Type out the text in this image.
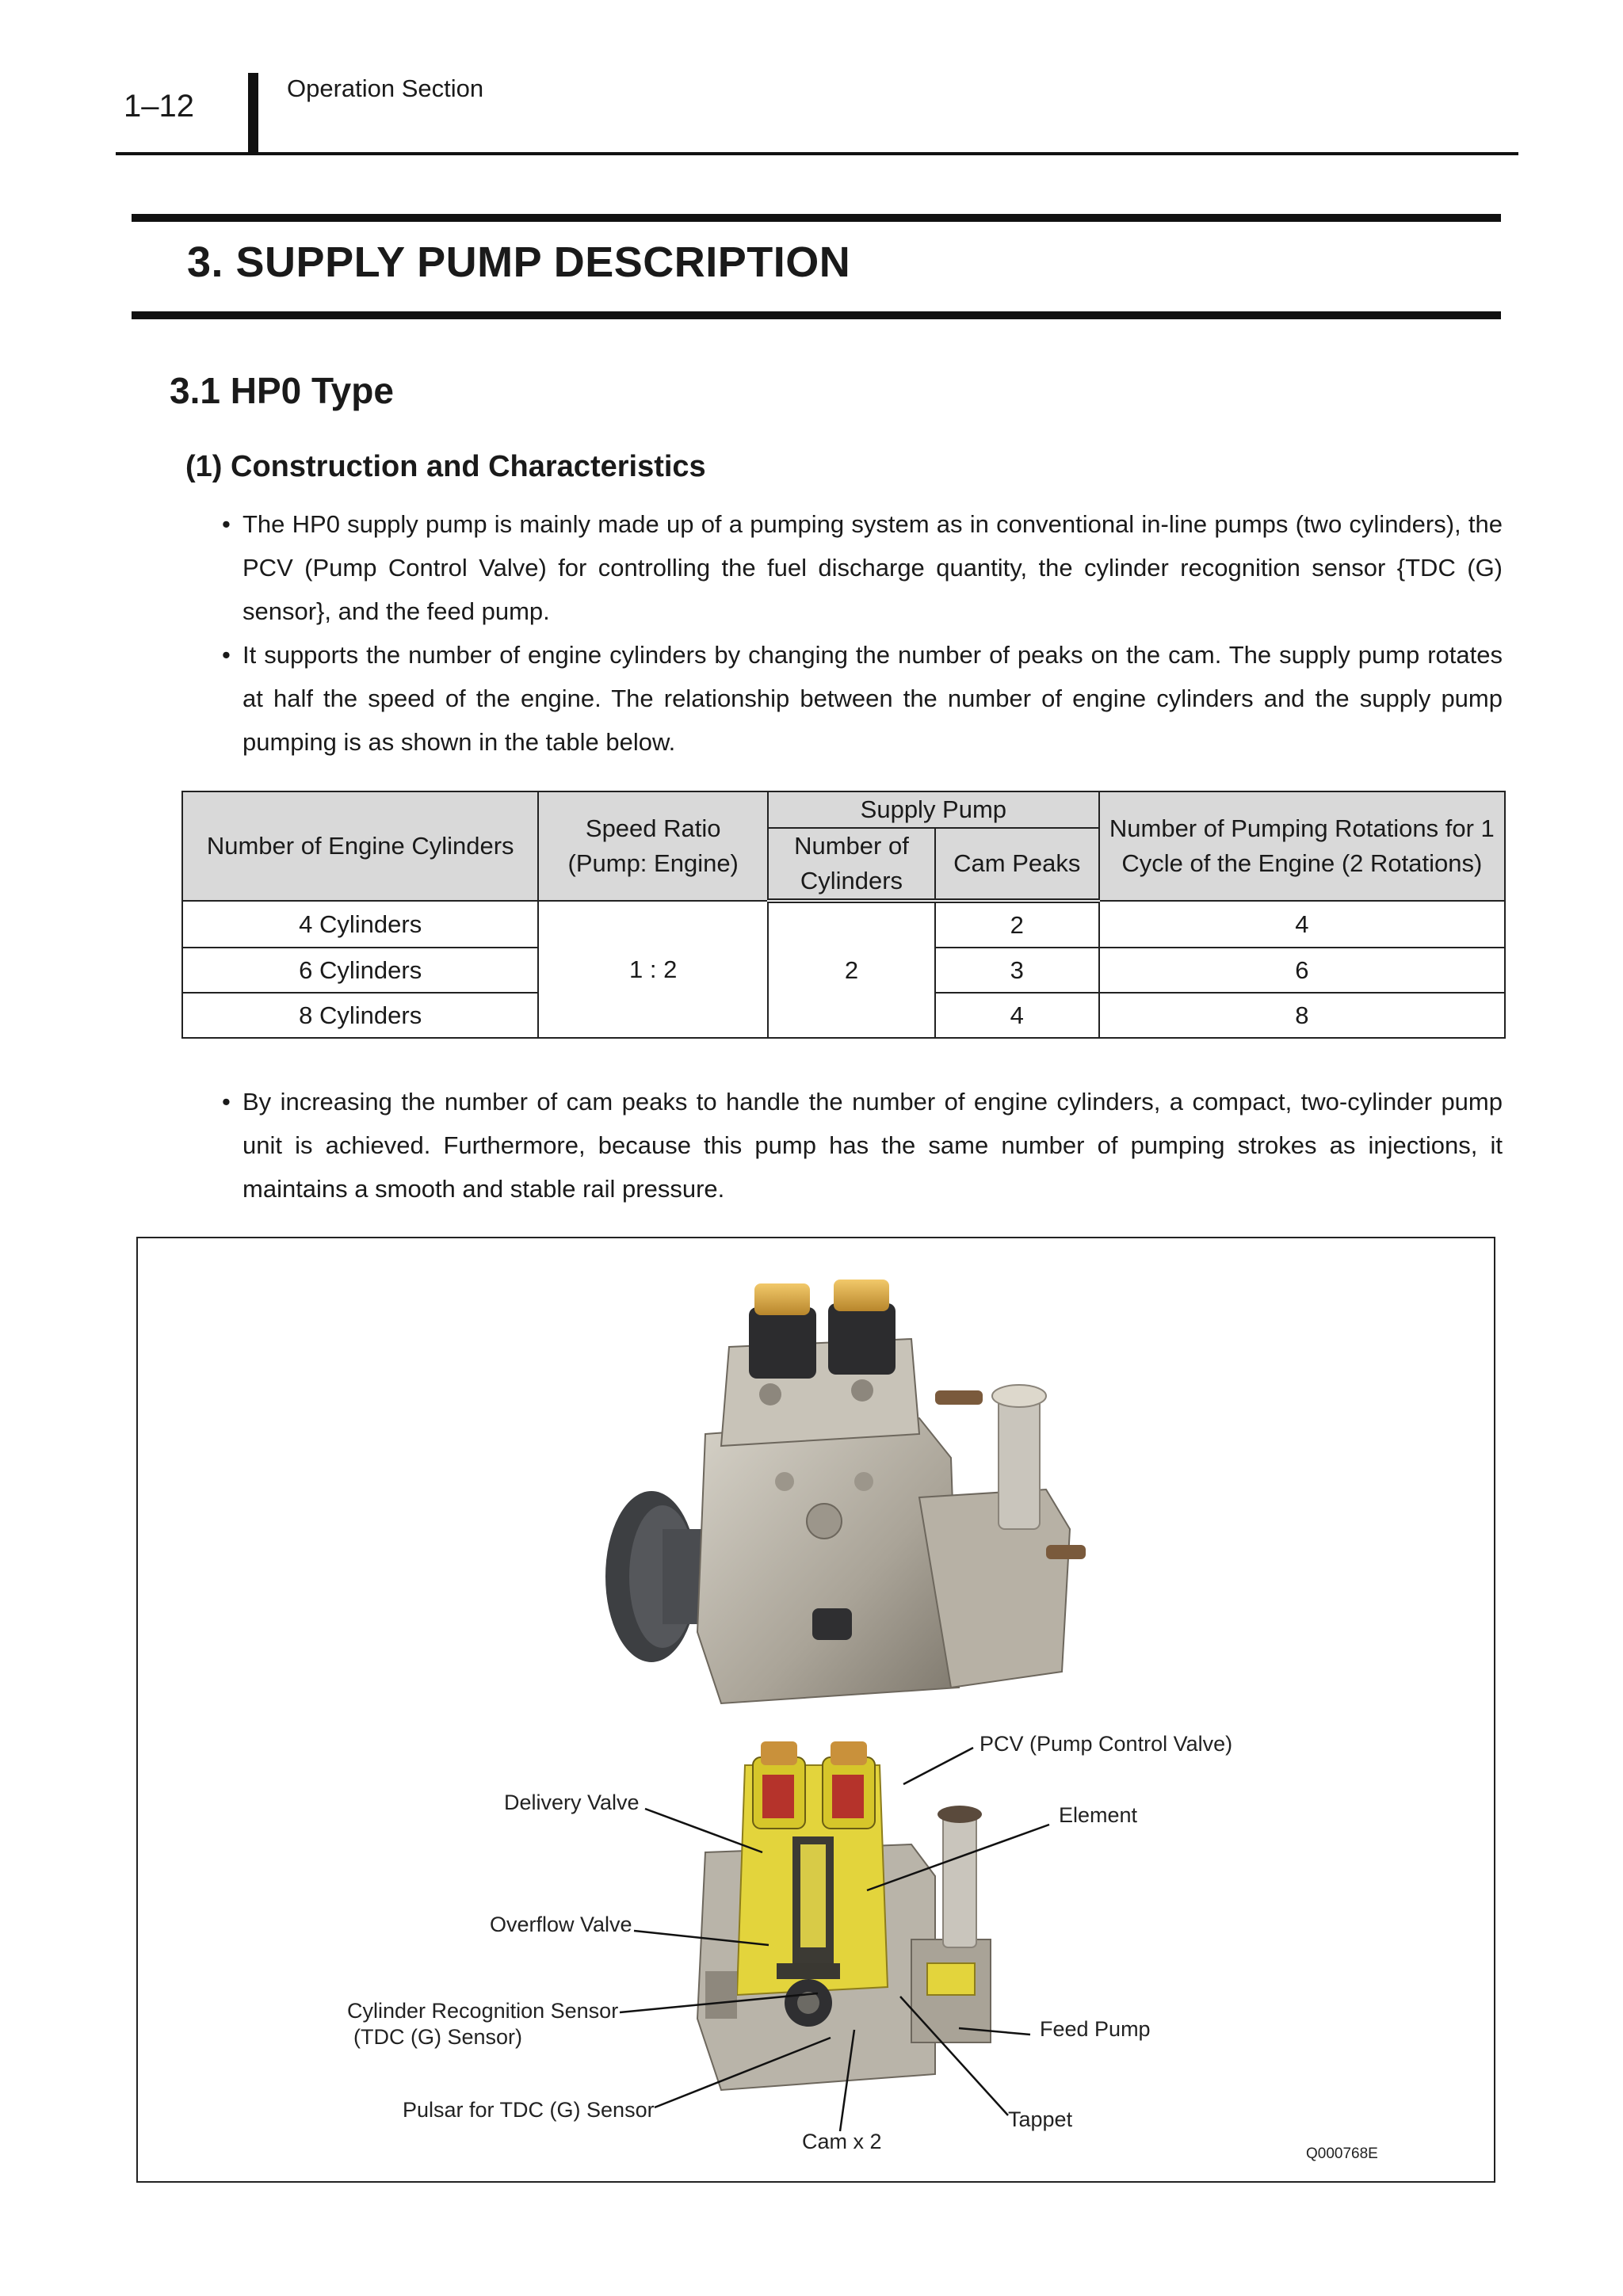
1–12
Operation Section
3. SUPPLY PUMP DESCRIPTION
3.1 HP0 Type
(1) Construction and Characteristics
• The HP0 supply pump is mainly made up of a pumping system as in conventional in-line pumps (two cylinders), the PCV (Pump Control Valve) for controlling the fuel discharge quantity, the cylinder recognition sensor {TDC (G) sensor}, and the feed pump.
• It supports the number of engine cylinders by changing the number of peaks on the cam. The supply pump rotates at half the speed of the engine. The relationship between the number of engine cylinders and the supply pump pumping is as shown in the table below.
Number of Engine Cylinders	Speed Ratio (Pump: Engine)	Supply Pump		Number of Pumping Rotations for 1 Cycle of the Engine (2 Rotations)
		Number of Cylinders	Cam Peaks	
4 Cylinders	1 : 2	2	2	4
6 Cylinders			3	6
8 Cylinders			4	8
• By increasing the number of cam peaks to handle the number of engine cylinders, a compact, two-cylinder pump unit is achieved. Furthermore, because this pump has the same number of pumping strokes as injections, it maintains a smooth and stable rail pressure.
PCV (Pump Control Valve)
Delivery Valve
Element
Overflow Valve
Cylinder Recognition Sensor
(TDC (G) Sensor)	Feed Pump
Pulsar for TDC (G) Sensor	Tappet
Cam x 2
Q000768E
